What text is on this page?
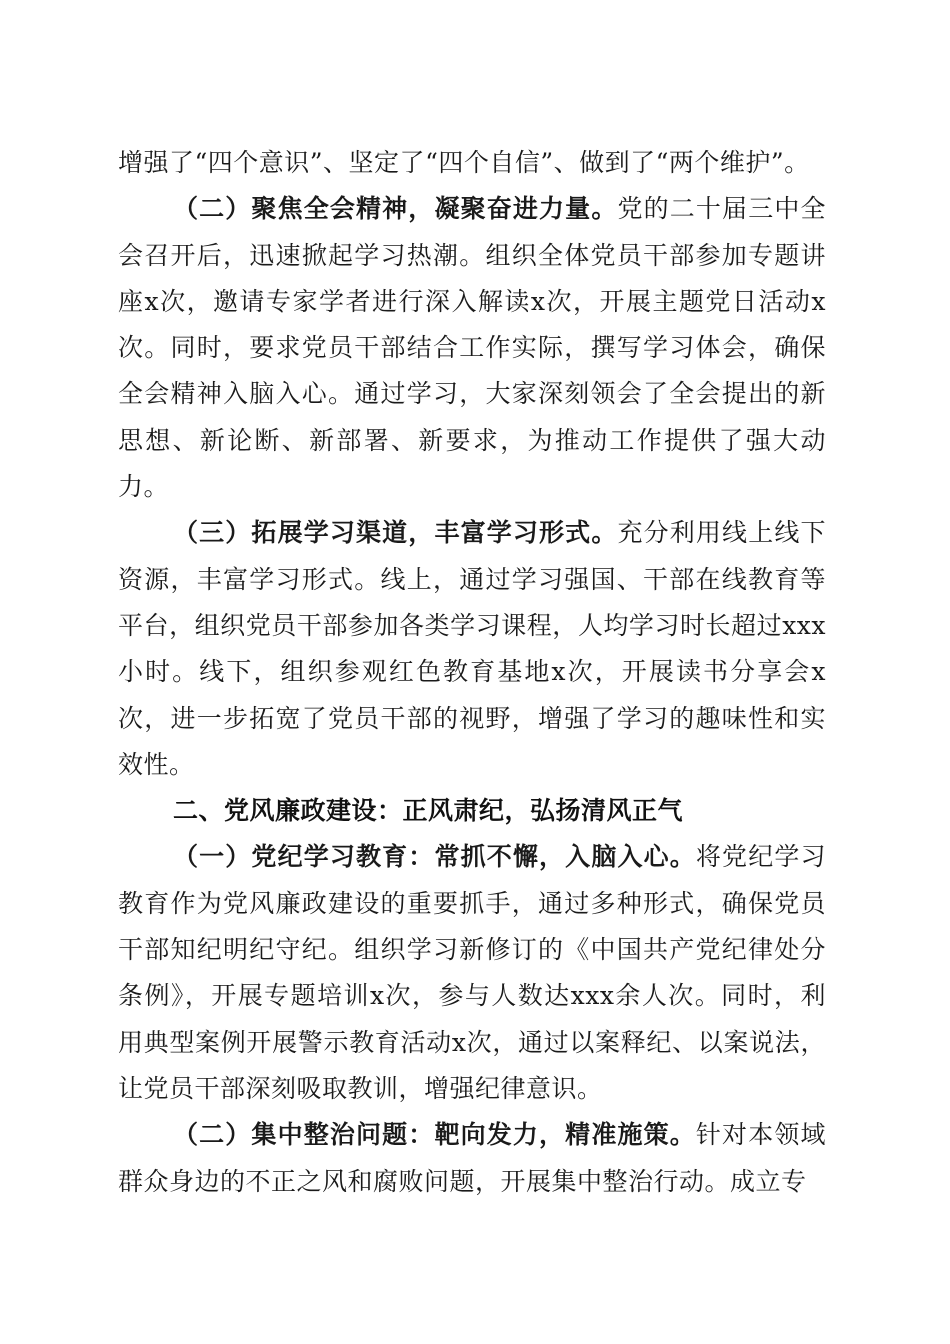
增强了“四个意识”、坚定了“四个自信”、做到了“两个维护”。

（二）聚焦全会精神，凝聚奋进力量。党的二十届三中全会召开后，迅速掀起学习热潮。组织全体党员干部参加专题讲座x次，邀请专家学者进行深入解读x次，开展主题党日活动x次。同时，要求党员干部结合工作实际，撰写学习体会，确保全会精神入脑入心。通过学习，大家深刻领会了全会提出的新思想、新论断、新部署、新要求，为推动工作提供了强大动力。

（三）拓展学习渠道，丰富学习形式。充分利用线上线下资源，丰富学习形式。线上，通过学习强国、干部在线教育等平台，组织党员干部参加各类学习课程，人均学习时长超过xxx小时。线下，组织参观红色教育基地x次，开展读书分享会x次，进一步拓宽了党员干部的视野，增强了学习的趣味性和实效性。

二、党风廉政建设：正风肃纪，弘扬清风正气

（一）党纪学习教育：常抓不懈，入脑入心。将党纪学习教育作为党风廉政建设的重要抓手，通过多种形式，确保党员干部知纪明纪守纪。组织学习新修订的《中国共产党纪律处分条例》，开展专题培训x次，参与人数达xxx余人次。同时，利用典型案例开展警示教育活动x次，通过以案释纪、以案说法，让党员干部深刻吸取教训，增强纪律意识。

（二）集中整治问题：靶向发力，精准施策。针对本领域群众身边的不正之风和腐败问题，开展集中整治行动。成立专
